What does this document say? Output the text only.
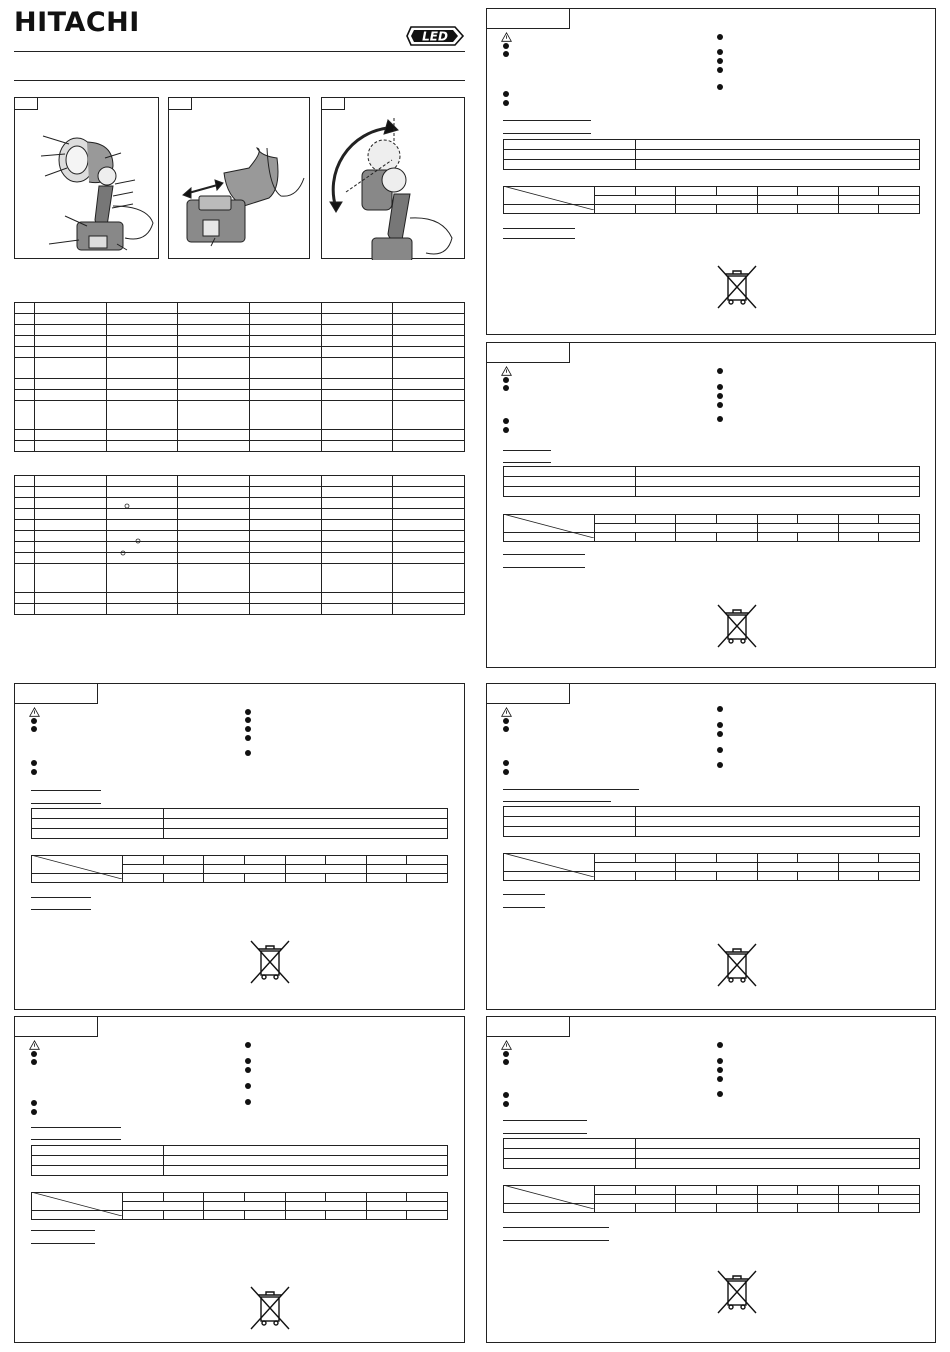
HITACHI	LED
